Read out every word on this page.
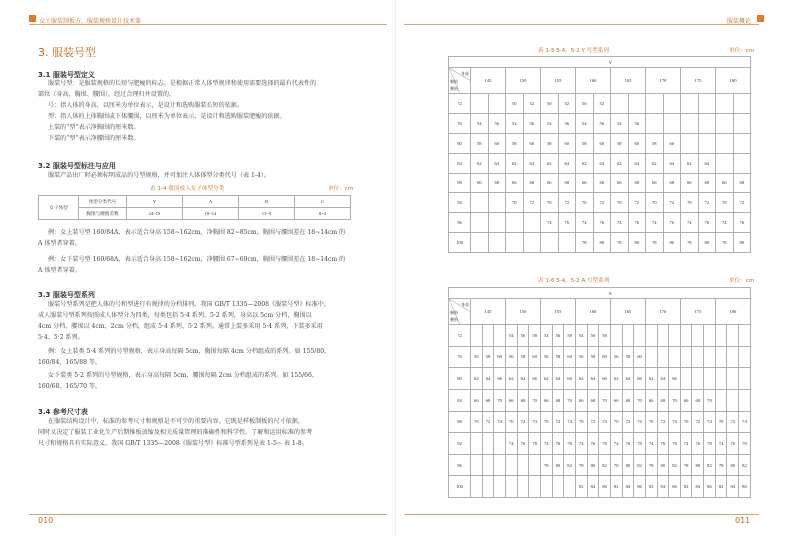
女士服装制板方，服装规格设计技术第
3. 服装号型
3.1 服装号型定义
服装号型：是服装规格的长短与肥瘦的标志。是根据正常人体型规律和使用需要选择的最有代表性的
部位（身高、胸围、腰围），经过合理归并设置的。
号：指人体的身高，以厘米为单位表示，是设计和选购服装长短的依据。
型：指人体的上体胸围或下体腰围，以厘米为单位表示，是设计和选购服装肥瘦的依据。
上装的“型”表示净胸围的厘米数。
下装的“型”表示净腰围的厘米数。
3.2 服装号型标注与应用
服装产品出厂时必须标明成品的号型规格，并可加注人体体型分类代号（表 1-4）。
表 1-4 我国成人女子体型分类	单位：cm
女子体型	体型分类代号	Y	A	B	C
	胸围与腰围差数	24~19	18~14	13~9	8~4
例：女上装号型 160/84A，表示适合身高 158~162cm，净胸围 82~85cm，胸围与腰围差在 18~14cm 的
A 体型者穿着。
例：女下装号型 160/68A，表示适合身高 158~162cm，净腰围 67~69cm，胸围与腰围差在 18~14cm 的
A 体型者穿着。
3.3 服装号型系列
服装号型系列是把人体的号和型进行有规律的分档排列。我国 GB/T 1335—2008《服装号型》标准中，
成人服装号型系列按照成人体型分为四类，每类包括 5·4 系列、5·2 系列，身高以 5cm 分档，胸围以
4cm 分档，腰围以 4cm、2cm 分档，组成 5·4 系列、5·2 系列。通常上装多采用 5·4 系列，下装多采用
5·4、5·2 系列。
例：女上装类 5·4 系列的号型规格，表示身高每隔 5cm，胸围每隔 4cm 分档组成的系列。如 155/80、
160/84、165/88 等。
女下装类 5·2 系列的号型规格，表示身高每隔 5cm，腰围每隔 2cm 分档组成的系列。如 155/66、
160/68、165/70 等。
3.4 参考尺寸表
在服装结构设计中，标准的参考尺寸和规格是不可少的重要内容。它既是样板制板的尺寸依据，
同时又决定了服装工业化生产后期推板放缩及相关质量管理的准确性和科学性。了解和运用标准的参考
尺寸和规格具有实际意义。我国 GB/T 1335—2008《服装号型》标准号型系列见表 1-5~ 表 1-8。
010
服装概论
表 1-5 5·4、5·2 Y 号型系列	单位：cm
	Y															

身高
胸围
腰围	145		150		155		160		165		170		175		180	
72			50	52	50	52	50	52								
76	54	56	54	56	54	56	54	56	54	56						
80	58	60	58	60	58	60	58	60	58	60	58	60				
84	62	64	62	64	62	64	62	64	62	64	62	64	62	64		
88	66	68	66	68	66	68	66	68	66	68	66	68	66	68	66	68
92			70	72	70	72	70	72	70	72	70	72	70	72	70	72
96					74	76	74	76	74	76	74	76	74	76	74	76
100							78	80	78	80	78	80	78	80	78	80
表 1-6 5·4、5·2 A 号型系列	单位：cm
	A																							

身高
胸围
腰围	145			150			155			160			165			170			175			180		
72				54	56	58	54	56	58	54	56	58												
76	56	58	60	56	58	60	56	58	60	56	58	60	56	58	60									
80	62	64	66	62	64	66	62	64	66	62	64	66	62	64	66	62	64	66						
84	66	68	70	66	68	70	66	68	70	66	68	70	66	68	70	66	68	70	66	68	70			
88	70	72	74	70	72	74	70	72	74	70	72	74	70	72	74	70	72	74	70	72	74	70	72	74
92				74	76	78	74	76	78	74	76	78	74	76	78	74	76	78	74	76	78	74	76	78
96							78	80	82	78	80	82	78	80	82	78	80	82	78	80	82	78	80	82
100										82	84	86	82	84	86	82	84	86	82	84	86	82	84	86
011
